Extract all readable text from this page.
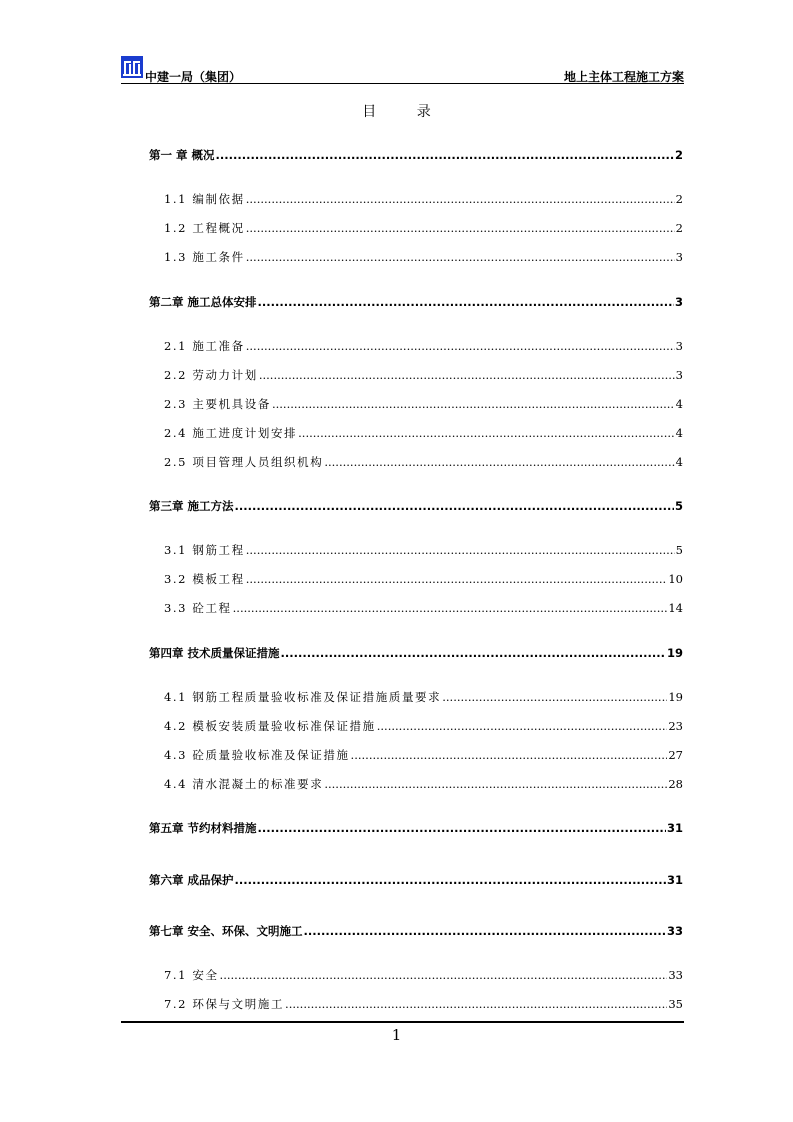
中建一局（集团）	地上主体工程施工方案
目 录
第一 章 概况 .....	2
1.1 编制依据 .....	2
1.2 工程概况 .....	2
1.3 施工条件 .....	3
第二章 施工总体安排 .....	3
2.1 施工准备 .....	3
2.2 劳动力计划 .....	3
2.3 主要机具设备 .....	4
2.4 施工进度计划安排 .....	4
2.5 项目管理人员组织机构 .....	4
第三章 施工方法 .....	5
3.1 钢筋工程 .....	5
3.2 模板工程 .....	10
3.3 砼工程 .....	14
第四章 技术质量保证措施 .....	19
4.1 钢筋工程质量验收标准及保证措施质量要求 .....	19
4.2 模板安装质量验收标准保证措施 .....	23
4.3 砼质量验收标准及保证措施 .....	27
4.4 清水混凝土的标准要求 .....	28
第五章 节约材料措施 .....	31
第六章 成品保护 .....	31
第七章 安全、环保、文明施工 .....	33
7.1 安全 .....	33
7.2 环保与文明施工 .....	35
1
